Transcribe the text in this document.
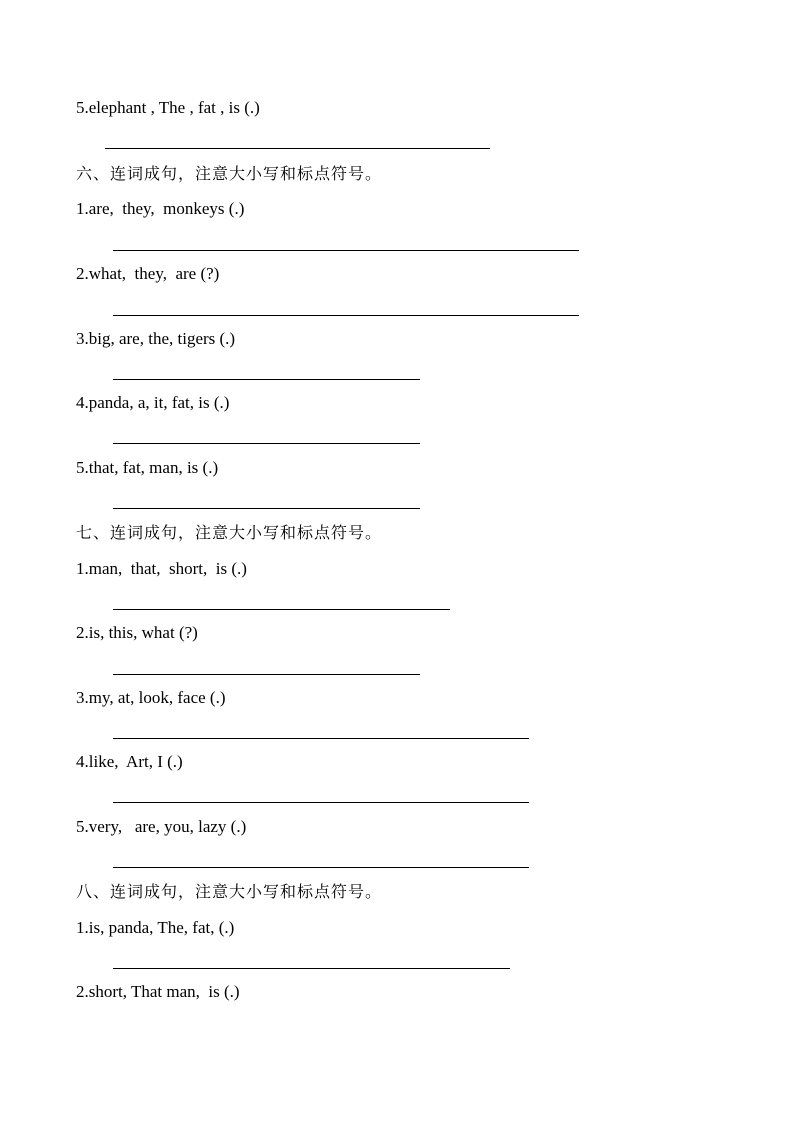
5.elephant , The , fat , is (.)
六、连词成句，注意大小写和标点符号。
1.are,  they,  monkeys (.)
2.what,  they,  are (?)
3.big, are, the, tigers (.)
4.panda, a, it, fat, is (.)
5.that, fat, man, is (.)
七、连词成句，注意大小写和标点符号。
1.man,  that,  short,  is (.)
2.is, this, what (?)
3.my, at, look, face (.)
4.like,  Art, I (.)
5.very,   are, you, lazy (.)
八、连词成句，注意大小写和标点符号。
1.is, panda, The, fat, (.)
2.short, That man,  is (.)
